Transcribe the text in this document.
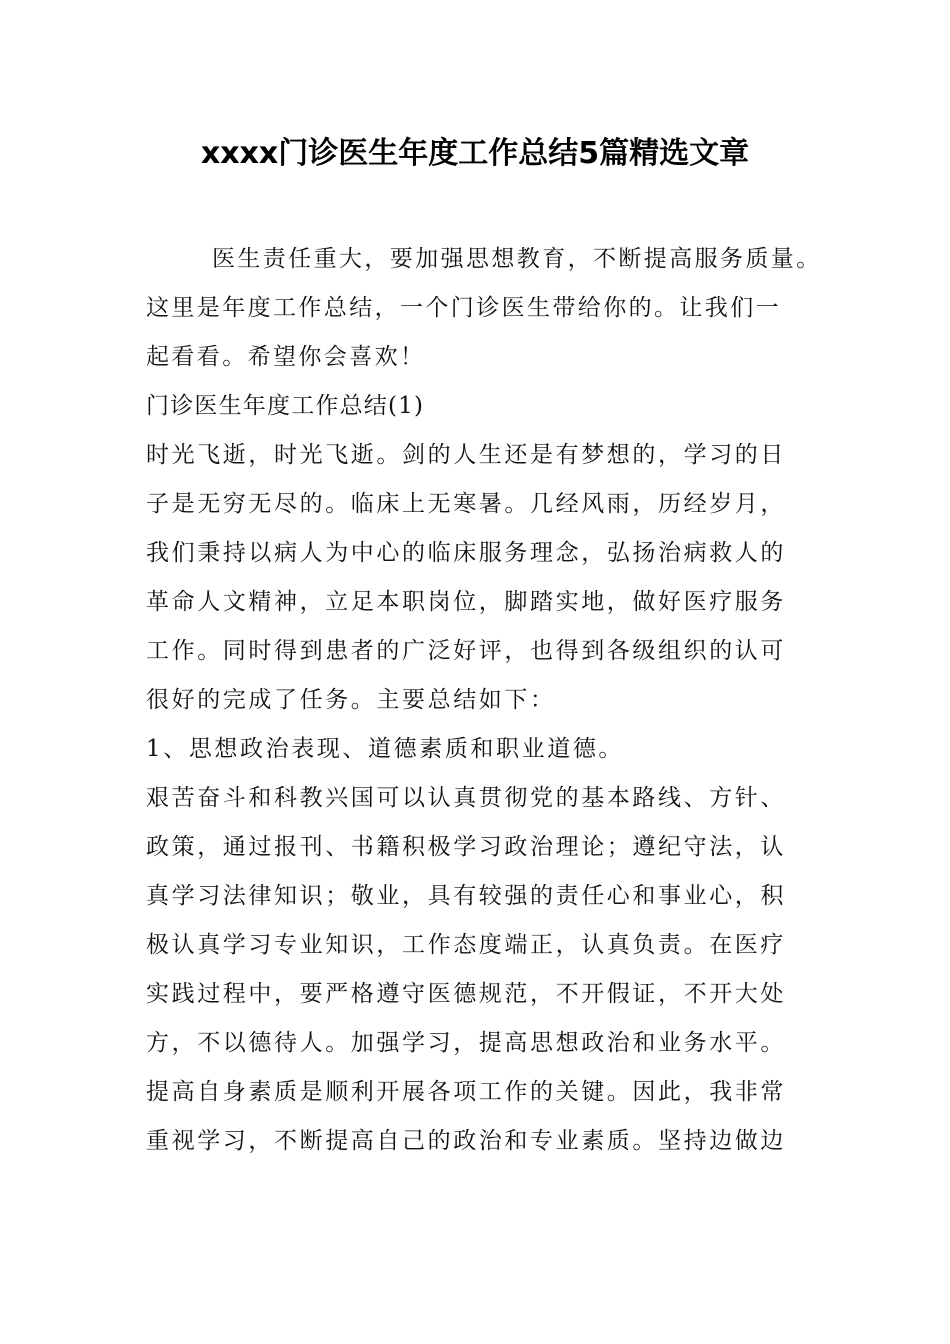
xxxx门诊医生年度工作总结5篇精选文章
医生责任重大，要加强思想教育，不断提高服务质量。
这里是年度工作总结，一个门诊医生带给你的。让我们一
起看看。希望你会喜欢！
门诊医生年度工作总结(1)
时光飞逝，时光飞逝。剑的人生还是有梦想的，学习的日
子是无穷无尽的。临床上无寒暑。几经风雨，历经岁月，
我们秉持以病人为中心的临床服务理念，弘扬治病救人的
革命人文精神，立足本职岗位，脚踏实地，做好医疗服务
工作。同时得到患者的广泛好评，也得到各级组织的认可
很好的完成了任务。主要总结如下：
1、思想政治表现、道德素质和职业道德。
艰苦奋斗和科教兴国可以认真贯彻党的基本路线、方针、
政策，通过报刊、书籍积极学习政治理论；遵纪守法，认
真学习法律知识；敬业，具有较强的责任心和事业心，积
极认真学习专业知识，工作态度端正，认真负责。在医疗
实践过程中，要严格遵守医德规范，不开假证，不开大处
方，不以德待人。加强学习，提高思想政治和业务水平。
提高自身素质是顺利开展各项工作的关键。因此，我非常
重视学习，不断提高自己的政治和专业素质。坚持边做边
